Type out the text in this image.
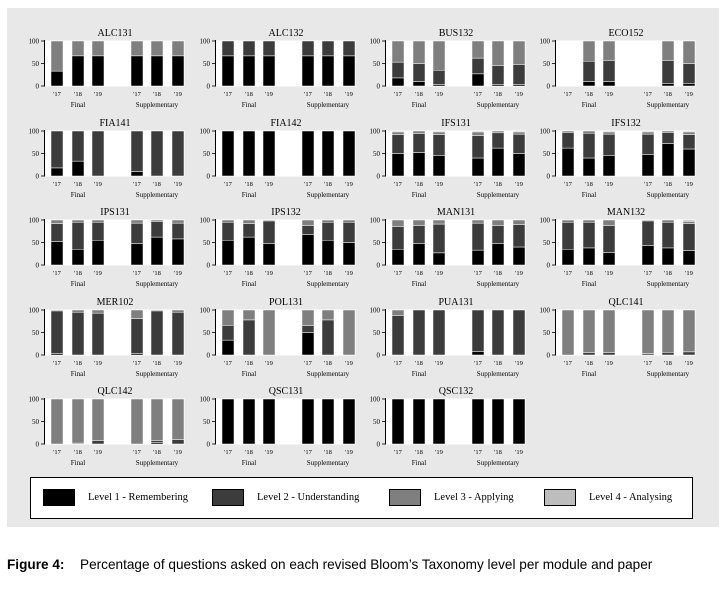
ALC131
0
50
100
'17 '18 '19	'17 '18 '19
Final	Supplementary
ALC132
0
50
100
'17 '18 '19	'17 '18 '19
Final	Supplementary
BUS132
0
50
100
'17 '18 '19	'17 '18 '19
Final	Supplementary
ECO152
0
50
100
'17 '18 '19	'17 '18 '19
Final	Supplementary
FIA141
0
50
100
'17 '18 '19	'17 '18 '19
Final	Supplementary
FIA142
0
50
100
'17 '18 '19	'17 '18 '19
Final	Supplementary
IFS131
0
50
100
'17 '18 '19	'17 '18 '19
Final	Supplementary
IFS132
0
50
100
'17 '18 '19	'17 '18 '19
Final	Supplementary
IPS131
0
50
100
'17 '18 '19	'17 '18 '19
Final	Supplementary
IPS132
0
50
100
'17 '18 '19	'17 '18 '19
Final	Supplementary
MAN131
0
50
100
'17 '18 '19	'17 '18 '19
Final	Supplementary
MAN132
0
50
100
'17 '18 '19	'17 '18 '19
Final	Supplementary
MER102
0
50
100
'17 '18 '19	'17 '18 '19
Final	Supplementary
POL131
0
50
100
'17 '18 '19	'17 '18 '19
Final	Supplementary
PUA131
0
50
100
'17 '18 '19	'17 '18 '19
Final	Supplementary
QLC141
0
50
100
'17 '18 '19	'17 '18 '19
Final	Supplementary
QLC142
0
50
100
'17 '18 '19	'17 '18 '19
Final	Supplementary
QSC131
0
50
100
'17 '18 '19	'17 '18 '19
Final	Supplementary
QSC132
0
50
100
'17 '18 '19	'17 '18 '19
Final	Supplementary
Level 1 - Remembering	Level 2 - Understanding	Level 3 - Applying	Level 4 - Analysing
Figure 4: Percentage of questions asked on each revised Bloom’s Taxonomy level per module and paper
